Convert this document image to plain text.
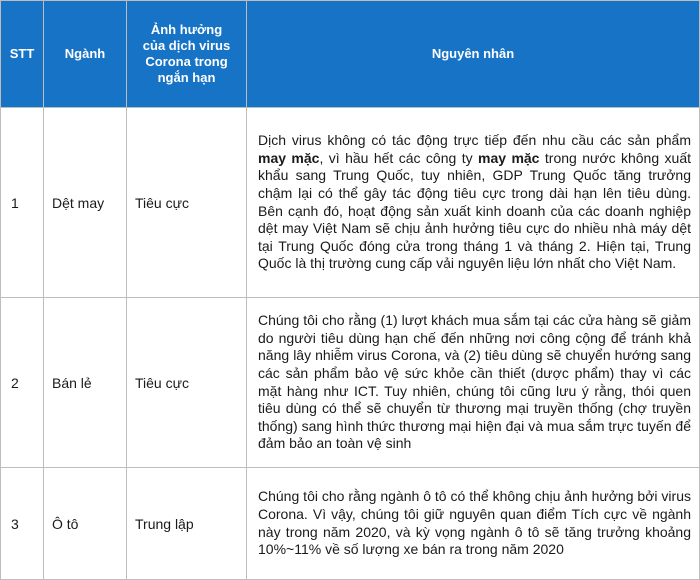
STT	Ngành	Ảnh hưởng
của dịch virus
Corona trong
ngắn hạn	Nguyên nhân
1	Dệt may	Tiêu cực	Dịch virus không có tác động trực tiếp đến nhu cầu các sản phẩm may mặc, vì hầu hết các công ty may mặc trong nước không xuất khẩu sang Trung Quốc, tuy nhiên, GDP Trung Quốc tăng trưởng chậm lại có thể gây tác động tiêu cực trong dài hạn lên tiêu dùng. Bên cạnh đó, hoạt động sản xuất kinh doanh của các doanh nghiệp dệt may Việt Nam sẽ chịu ảnh hưởng tiêu cực do nhiều nhà máy dệt tại Trung Quốc đóng cửa trong tháng 1 và tháng 2. Hiện tại, Trung Quốc là thị trường cung cấp vải nguyên liệu lớn nhất cho Việt Nam.
2	Bán lẻ	Tiêu cực	Chúng tôi cho rằng (1) lượt khách mua sắm tại các cửa hàng sẽ giảm do người tiêu dùng hạn chế đến những nơi công cộng để tránh khả năng lây nhiễm virus Corona, và (2) tiêu dùng sẽ chuyển hướng sang các sản phẩm bảo vệ sức khỏe cần thiết (dược phẩm) thay vì các mặt hàng như ICT. Tuy nhiên, chúng tôi cũng lưu ý rằng, thói quen tiêu dùng có thể sẽ chuyển từ thương mại truyền thống (chợ truyền thống) sang hình thức thương mại hiện đại và mua sắm trực tuyến để đảm bảo an toàn vệ sinh
3	Ô tô	Trung lập	Chúng tôi cho rằng ngành ô tô có thể không chịu ảnh hưởng bởi virus Corona. Vì vậy, chúng tôi giữ nguyên quan điểm Tích cực về ngành này trong năm 2020, và kỳ vọng ngành ô tô sẽ tăng trưởng khoảng 10%~11% về số lượng xe bán ra trong năm 2020
